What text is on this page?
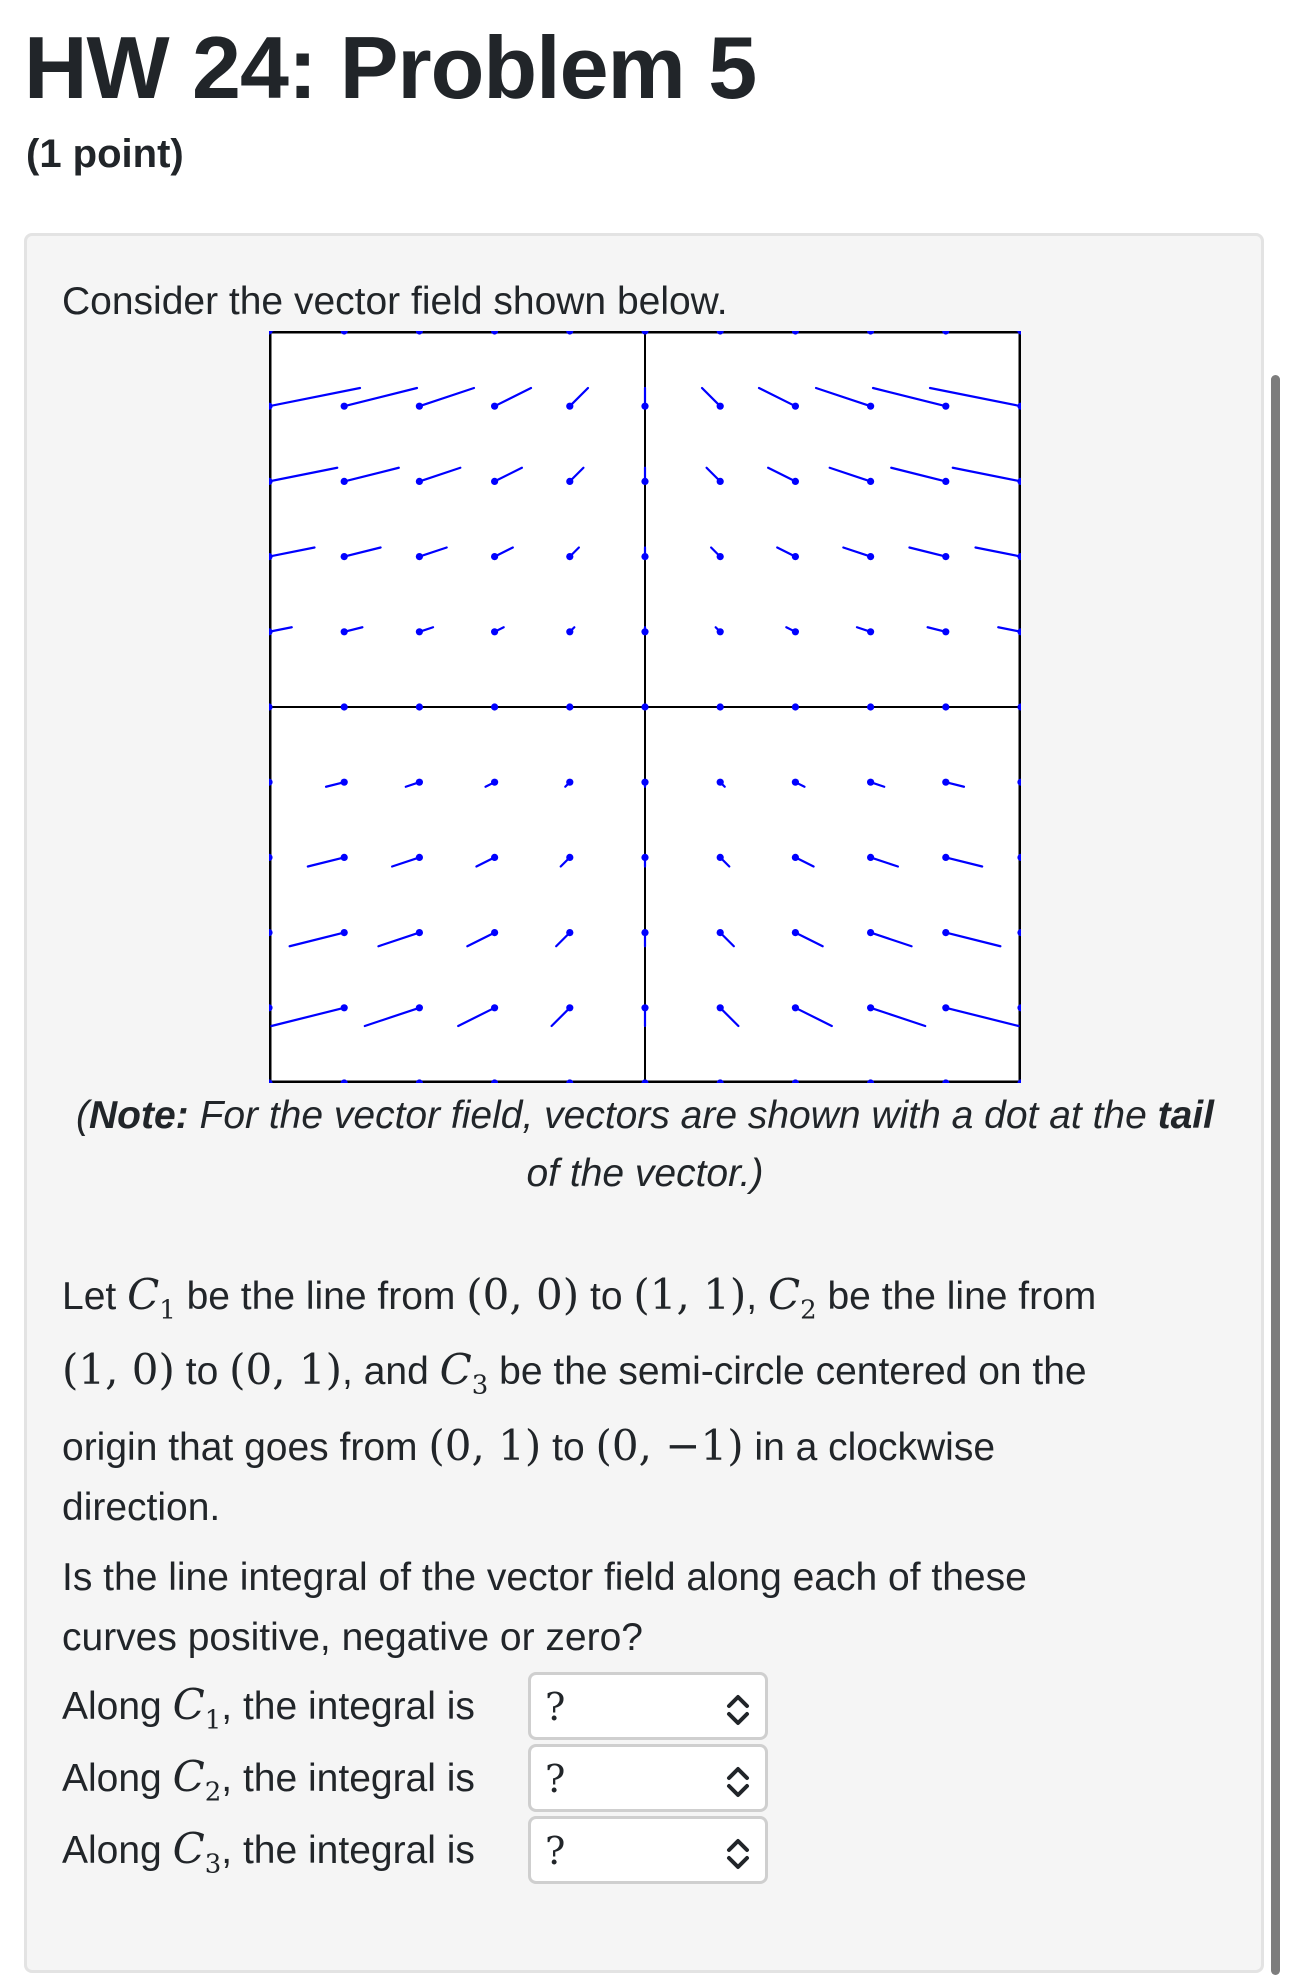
HW 24: Problem 5
(1 point)
Consider the vector field shown below.
(Note: For the vector field, vectors are shown with a dot at the tail of the vector.)
Let $C_1$ be the line from (0, 0) to (1, 1), $C_2$ be the line from
(1, 0) to (0, 1), and $C_3$ be the semi-circle centered on the
origin that goes from (0, 1) to (0, −1) in a clockwise
direction.
Is the line integral of the vector field along each of these
curves positive, negative or zero?
Along $C_1$, the integral is ?
Along $C_2$, the integral is ?
Along $C_3$, the integral is ?
